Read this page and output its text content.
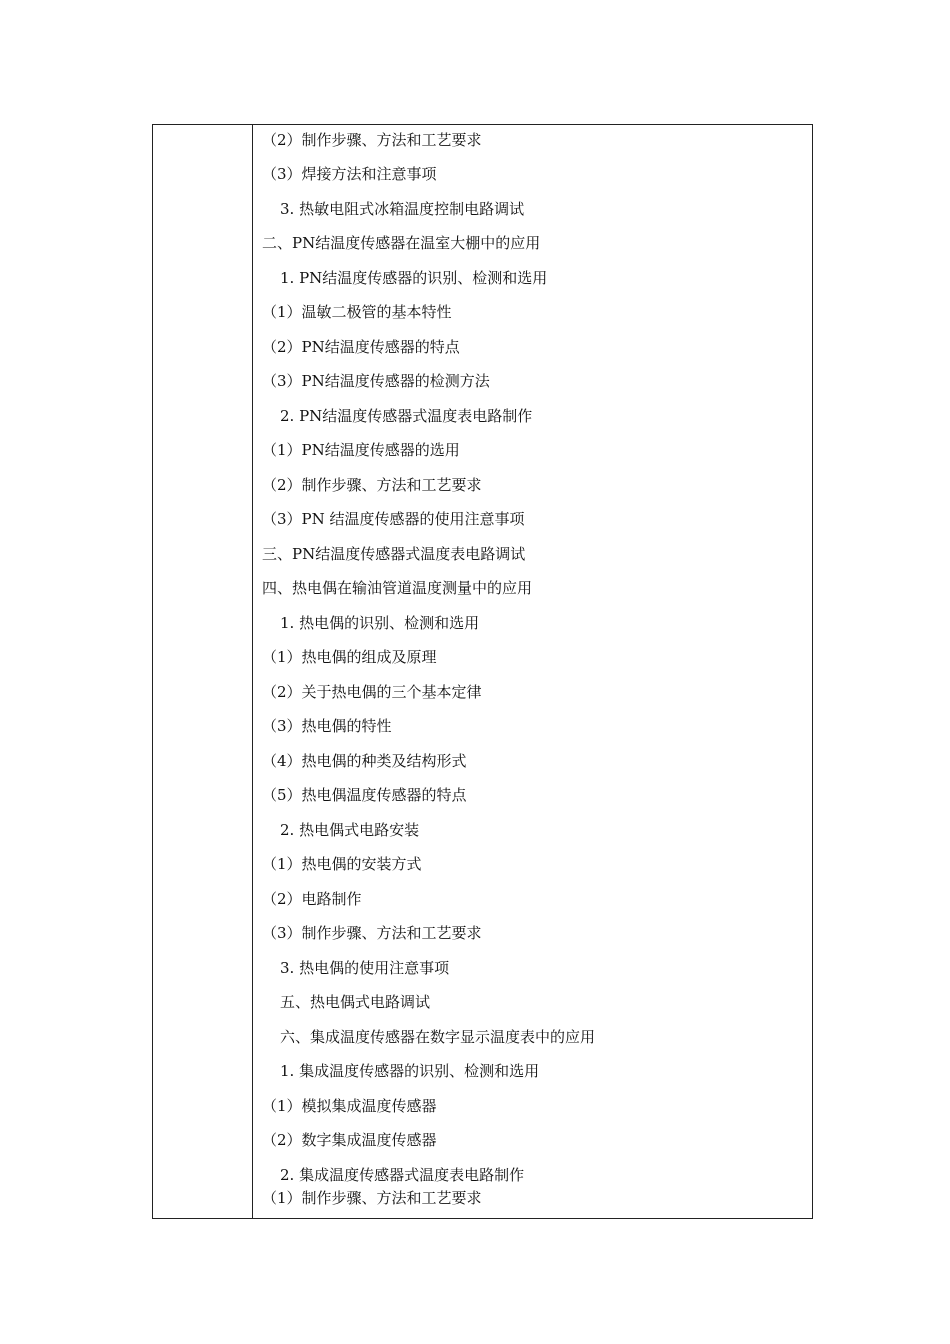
（2）制作步骤、方法和工艺要求
（3）焊接方法和注意事项
3. 热敏电阻式冰箱温度控制电路调试
二、PN结温度传感器在温室大棚中的应用
1. PN结温度传感器的识别、检测和选用
（1）温敏二极管的基本特性
（2）PN结温度传感器的特点
（3）PN结温度传感器的检测方法
2. PN结温度传感器式温度表电路制作
（1）PN结温度传感器的选用
（2）制作步骤、方法和工艺要求
（3）PN 结温度传感器的使用注意事项
三、PN结温度传感器式温度表电路调试
四、热电偶在输油管道温度测量中的应用
1. 热电偶的识别、检测和选用
（1）热电偶的组成及原理
（2）关于热电偶的三个基本定律
（3）热电偶的特性
（4）热电偶的种类及结构形式
（5）热电偶温度传感器的特点
2. 热电偶式电路安装
（1）热电偶的安装方式
（2）电路制作
（3）制作步骤、方法和工艺要求
3. 热电偶的使用注意事项
五、热电偶式电路调试
六、集成温度传感器在数字显示温度表中的应用
1. 集成温度传感器的识别、检测和选用
（1）模拟集成温度传感器
（2）数字集成温度传感器
2. 集成温度传感器式温度表电路制作
（1）制作步骤、方法和工艺要求
